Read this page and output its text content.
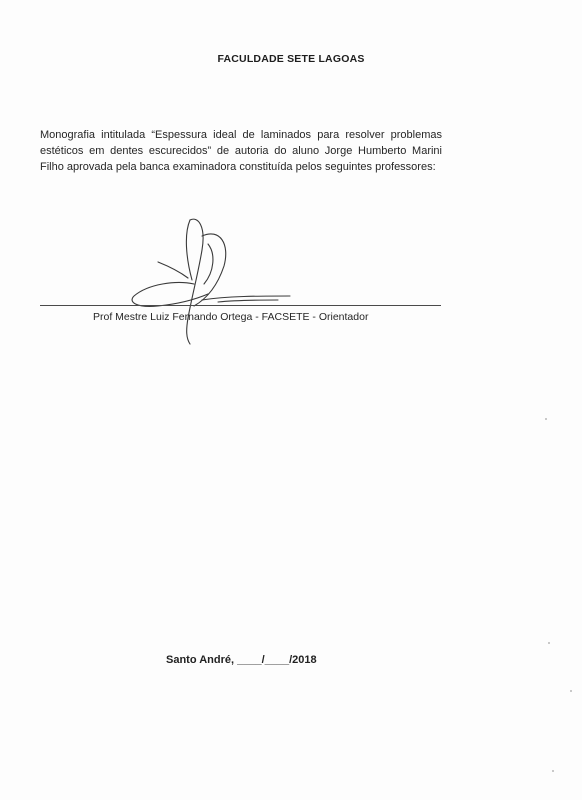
FACULDADE SETE LAGOAS

Monografia intitulada “Espessura ideal de laminados para resolver problemas estéticos em dentes escurecidos” de autoria do aluno Jorge Humberto Marini Filho aprovada pela banca examinadora constituída pelos seguintes professores:

Prof Mestre Luiz Fernando Ortega - FACSETE - Orientador
Santo André, ____/____/2018
